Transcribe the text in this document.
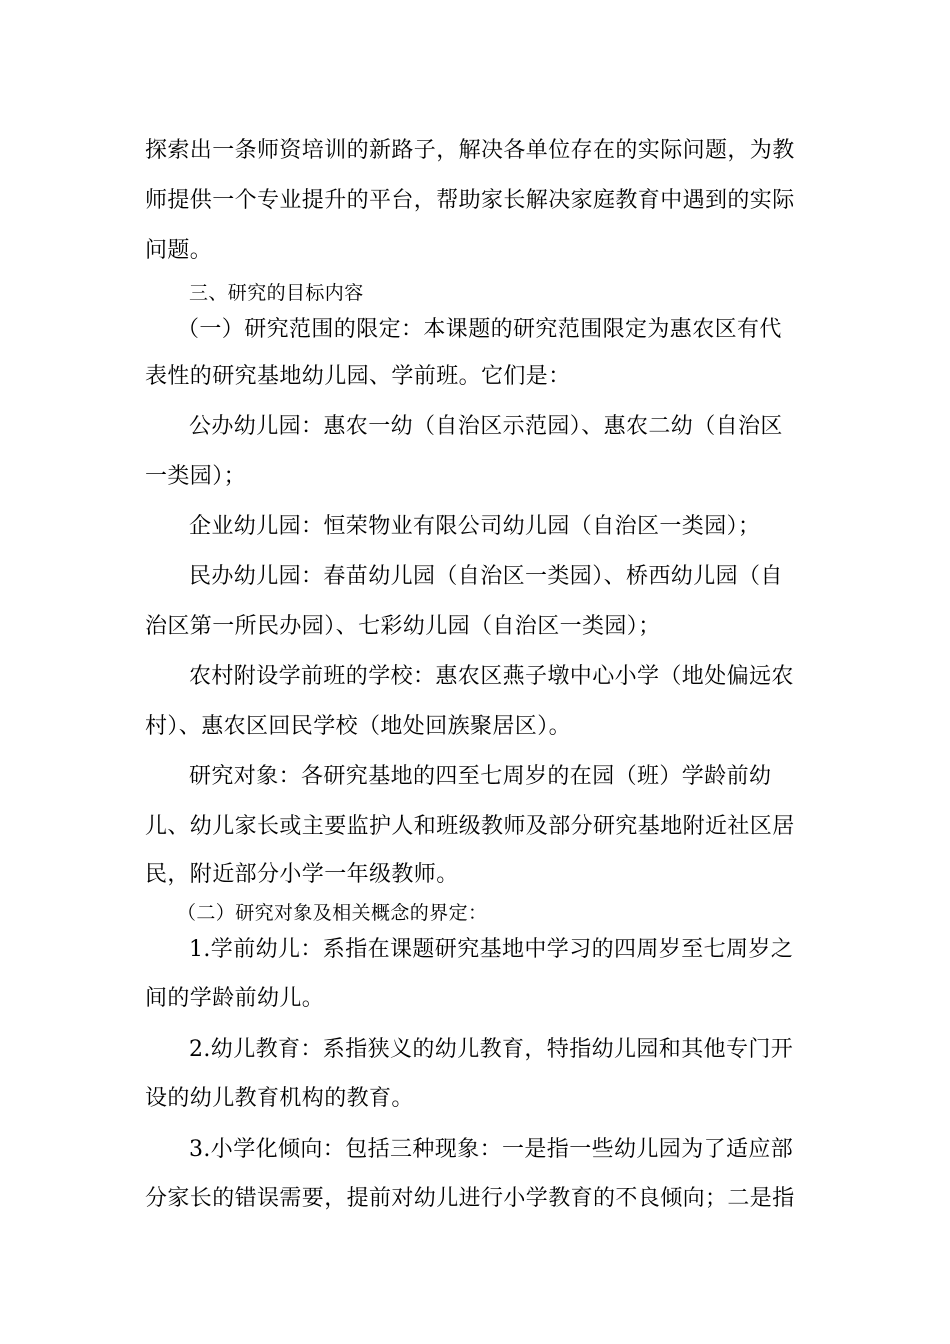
探索出一条师资培训的新路子，解决各单位存在的实际问题，为教
师提供一个专业提升的平台，帮助家长解决家庭教育中遇到的实际
问题。
三、研究的目标内容
（一）研究范围的限定：本课题的研究范围限定为惠农区有代
表性的研究基地幼儿园、学前班。它们是：
公办幼儿园：惠农一幼（自治区示范园）、惠农二幼（自治区
一类园）；
企业幼儿园：恒荣物业有限公司幼儿园（自治区一类园）；
民办幼儿园：春苗幼儿园（自治区一类园）、桥西幼儿园（自
治区第一所民办园）、七彩幼儿园（自治区一类园）；
农村附设学前班的学校：惠农区燕子墩中心小学（地处偏远农
村）、惠农区回民学校（地处回族聚居区）。
研究对象：各研究基地的四至七周岁的在园（班）学龄前幼
儿、幼儿家长或主要监护人和班级教师及部分研究基地附近社区居
民，附近部分小学一年级教师。
（二）研究对象及相关概念的界定：
1.学前幼儿：系指在课题研究基地中学习的四周岁至七周岁之
间的学龄前幼儿。
2.幼儿教育：系指狭义的幼儿教育，特指幼儿园和其他专门开
设的幼儿教育机构的教育。
3.小学化倾向：包括三种现象：一是指一些幼儿园为了适应部
分家长的错误需要，提前对幼儿进行小学教育的不良倾向；二是指
